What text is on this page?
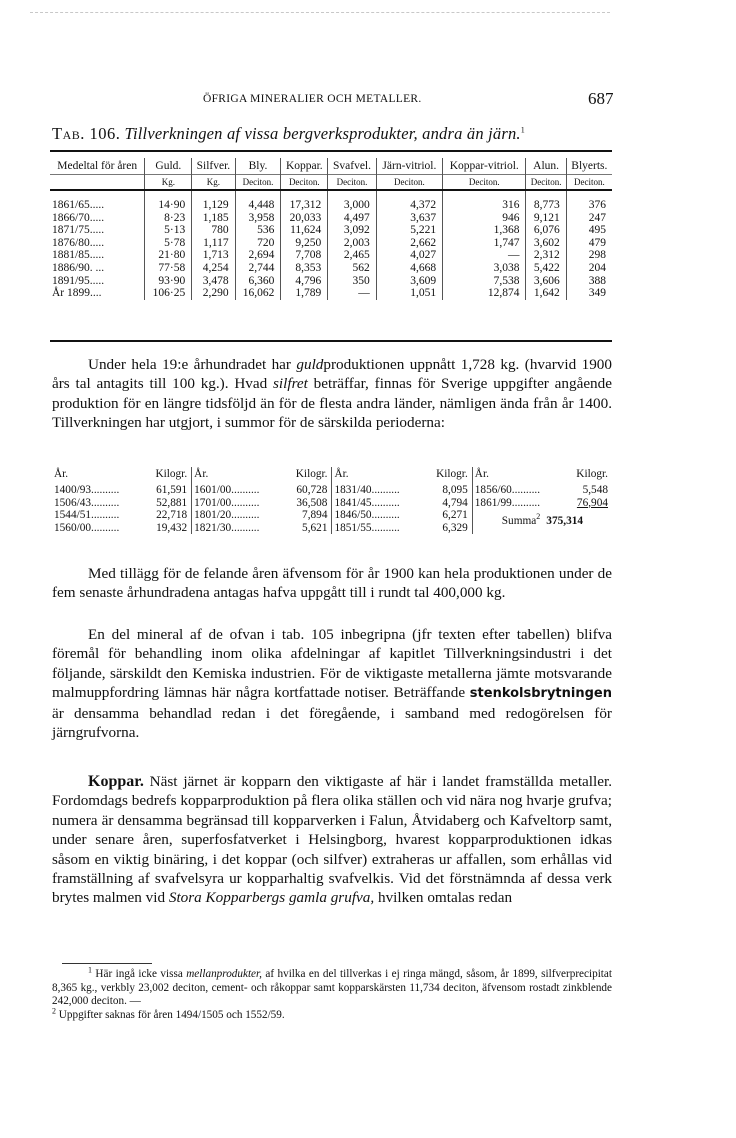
ÖFRIGA MINERALIER OCH METALLER.	687
Tab. 106. Tillverkningen af vissa bergverksprodukter, andra än järn.$^1$
Medeltal för åren	Guld.	Silfver.	Bly.	Koppar.	Svafvel.	Järn-vitriol.	Koppar-vitriol.	Alun.	Blyerts.
	Kg.	Kg.	Deciton.	Deciton.	Deciton.	Deciton.	Deciton.	Deciton.	Deciton.

1861/65.....	14·90	1,129	4,448	17,312	3,000	4,372	316	8,773	376
1866/70.....	8·23	1,185	3,958	20,033	4,497	3,637	946	9,121	247
1871/75.....	5·13	780	536	11,624	3,092	5,221	1,368	6,076	495
1876/80.....	5·78	1,117	720	9,250	2,003	2,662	1,747	3,602	479
1881/85.....	21·80	1,713	2,694	7,708	2,465	4,027	—	2,312	298
1886/90. ...	77·58	4,254	2,744	8,353	562	4,668	3,038	5,422	204
1891/95.....	93·90	3,478	6,360	4,796	350	3,609	7,538	3,606	388
År 1899....	106·25	2,290	16,062	1,789	—	1,051	12,874	1,642	349

Under hela 19:e århundradet har guldproduktionen uppnått 1,728 kg. (hvarvid 1900 års tal antagits till 100 kg.). Hvad silfret beträffar, finnas för Sverige uppgifter angående produktion för en längre tidsföljd än för de flesta andra länder, nämligen ända från år 1400. Tillverkningen har utgjort, i summor för de särskilda perioderna:

År.	Kilogr.	År.	Kilogr.	År.	Kilogr.	År.	Kilogr.
1400/93..........	61,591	1601/00..........	60,728	1831/40..........	8,095	1856/60..........	5,548
1506/43..........	52,881	1701/00..........	36,508	1841/45..........	4,794	1861/99..........	76,904
1544/51..........	22,718	1801/20..........	7,894	1846/50..........	6,271	Summa$^2$ 375,314	
1560/00..........	19,432	1821/30..........	5,621	1851/55..........	6,329		

Med tillägg för de felande åren äfvensom för år 1900 kan hela produktionen under de fem senaste århundradena antagas hafva uppgått till i rundt tal 400,000 kg.

En del mineral af de ofvan i tab. 105 inbegripna (jfr texten efter tabellen) blifva föremål för behandling inom olika afdelningar af kapitlet Tillverkningsindustri i det följande, särskildt den Kemiska industrien. För de viktigaste metallerna jämte motsvarande malmuppfordring lämnas här några kortfattade notiser. Beträffande stenkolsbrytningen är densamma behandlad redan i det föregående, i samband med redogörelsen för järngrufvorna.

Koppar. Näst järnet är kopparn den viktigaste af här i landet framställda metaller. Fordomdags bedrefs kopparproduktion på flera olika ställen och vid nära nog hvarje grufva; numera är densamma begränsad till kopparverken i Falun, Åtvidaberg och Kafveltorp samt, under senare åren, superfosfatverket i Helsingborg, hvarest kopparproduktionen idkas såsom en viktig binäring, i det koppar (och silfver) extraheras ur affallen, som erhållas vid framställning af svafvelsyra ur kopparhaltig svafvelkis. Vid det förstnämnda af dessa verk brytes malmen vid Stora Kopparbergs gamla grufva, hvilken omtalas redan

$^1$ Här ingå icke vissa mellanprodukter, af hvilka en del tillverkas i ej ringa mängd, såsom, år 1899, silfverprecipitat 8,365 kg., verkbly 23,002 deciton, cement- och råkoppar samt kopparskärsten 11,734 deciton, äfvensom rostadt zinkblende 242,000 deciton. —

$^2$ Uppgifter saknas för åren 1494/1505 och 1552/59.
